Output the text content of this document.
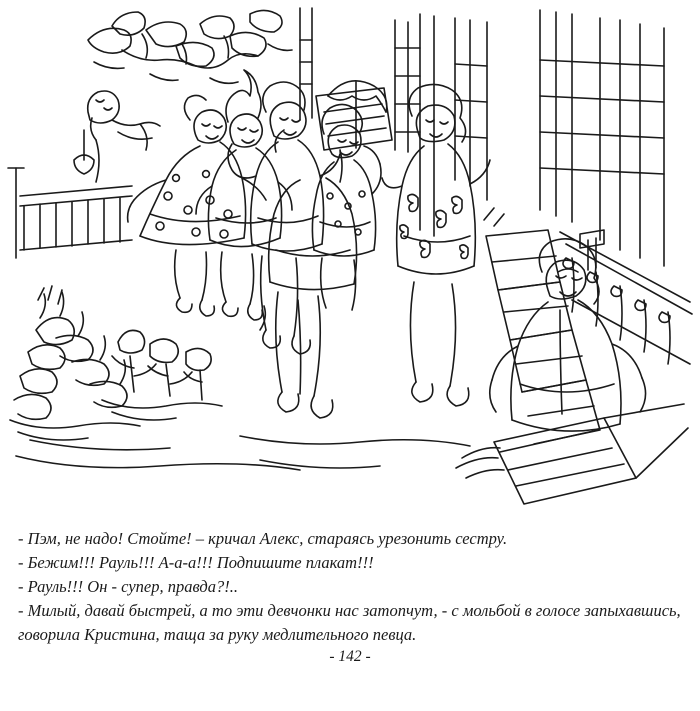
- Пэм, не надо! Стойте! – кричал Алекс, стараясь урезонить сестру.
- Бежим!!! Рауль!!! А-а-а!!! Подпишите плакат!!!
- Рауль!!! Он - супер, правда?!..
- Милый, давай быстрей, а то эти девчонки нас затопчут, - с мольбой в голосе запыхавшись, говорила Кристина, таща за руку медлительного певца.
- 142 -
